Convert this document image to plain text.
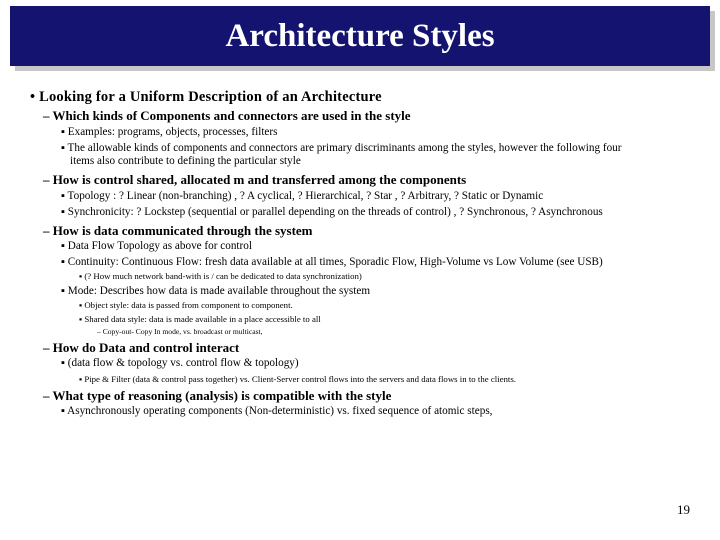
Architecture Styles
• Looking for a Uniform Description of an Architecture
– Which kinds of Components and connectors are used in the style
▪ Examples: programs, objects, processes, filters
▪ The allowable kinds of components and connectors are primary discriminants among the styles, however the following four
items also contribute to defining the particular style
– How is control shared, allocated m and transferred among the components
▪ Topology : ? Linear (non-branching) , ? A cyclical, ? Hierarchical, ? Star , ? Arbitrary, ? Static or Dynamic
▪ Synchronicity: ? Lockstep (sequential or parallel depending on the threads of control) , ? Synchronous, ? Asynchronous
– How is data communicated through the system
▪ Data Flow Topology as above for control
▪ Continuity: Continuous Flow: fresh data available at all times, Sporadic Flow, High-Volume vs Low Volume (see USB)
▪ (? How much network band-with is / can be dedicated to data synchronization)
▪ Mode: Describes how data is made available throughout the system
▪ Object style: data is passed from component to component.
▪ Shared data style: data is made available in a place accessible to all
– Copy-out- Copy In mode, vs. broadcast or multicast,
– How do Data and control interact
▪ (data flow & topology vs. control flow & topology)
▪ Pipe & Filter (data & control pass together) vs. Client-Server control flows into the servers and data flows in to the clients.
– What type of reasoning (analysis) is compatible with the style
▪ Asynchronously operating components (Non-deterministic) vs. fixed sequence of atomic steps,
19
